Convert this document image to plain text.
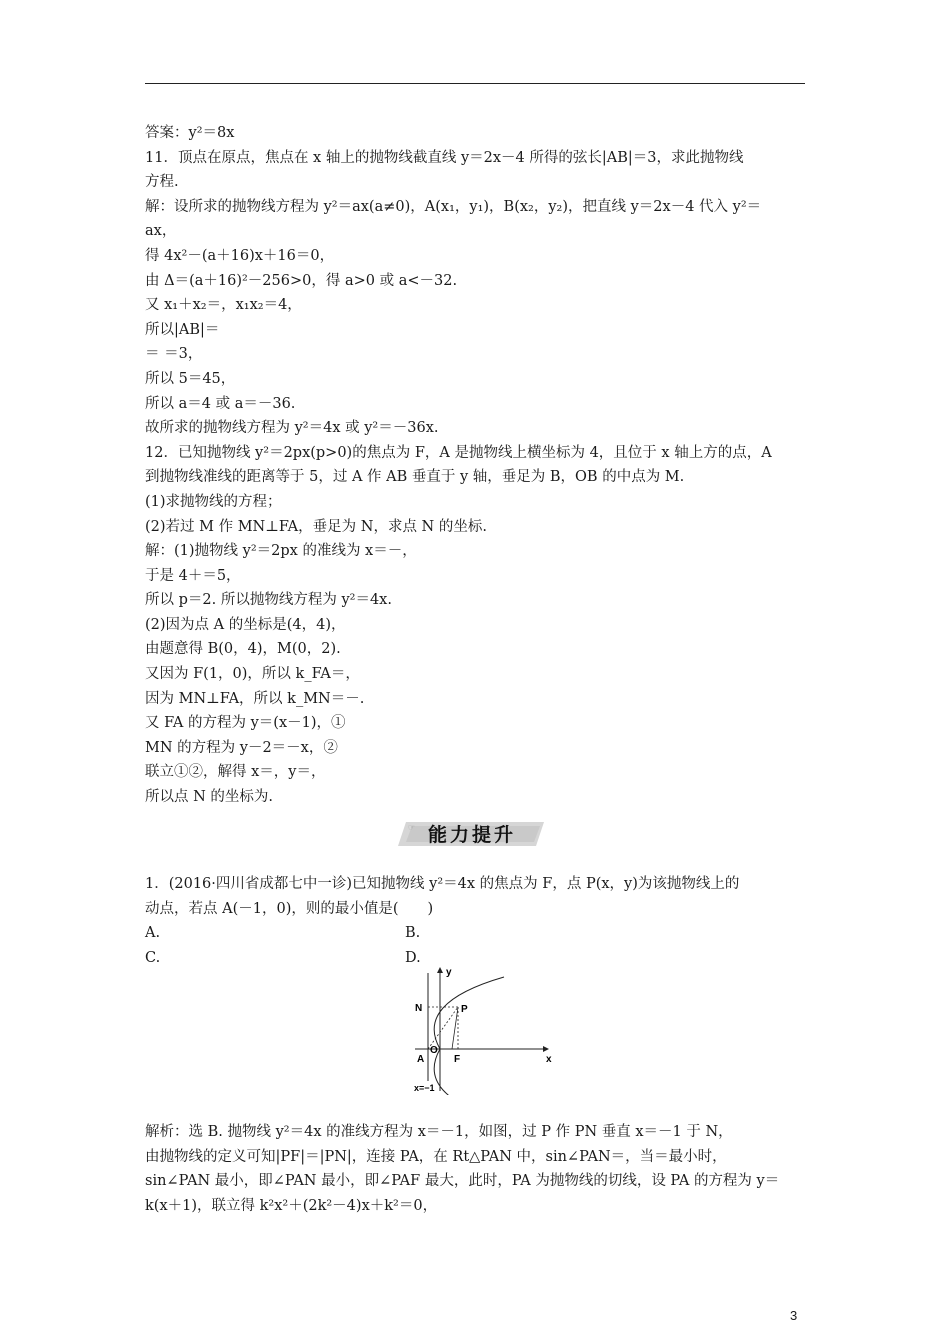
答案：y²＝8x
11．顶点在原点，焦点在 x 轴上的抛物线截直线 y＝2x－4 所得的弦长|AB|＝3，求此抛物线
方程.
解：设所求的抛物线方程为 y²＝ax(a≠0)，A(x₁，y₁)，B(x₂，y₂)，把直线 y＝2x－4 代入 y²＝
ax，
得 4x²－(a＋16)x＋16＝0，
由 Δ＝(a＋16)²－256>0，得 a>0 或 a<－32.
又 x₁＋x₂＝，x₁x₂＝4，
所以|AB|＝
＝ ＝3，
所以 5＝45，
所以 a＝4 或 a＝－36.
故所求的抛物线方程为 y²＝4x 或 y²＝－36x.
12．已知抛物线 y²＝2px(p>0)的焦点为 F，A 是抛物线上横坐标为 4，且位于 x 轴上方的点，A
到抛物线准线的距离等于 5，过 A 作 AB 垂直于 y 轴，垂足为 B，OB 的中点为 M.
(1)求抛物线的方程；
(2)若过 M 作 MN⊥FA，垂足为 N，求点 N 的坐标.
解：(1)抛物线 y²＝2px 的准线为 x＝－，
于是 4＋＝5，
所以 p＝2. 所以抛物线方程为 y²＝4x.
(2)因为点 A 的坐标是(4，4)，
由题意得 B(0，4)，M(0，2).
又因为 F(1，0)，所以 k_FA＝，
因为 MN⊥FA，所以 k_MN＝－.
又 FA 的方程为 y＝(x－1)，①
MN 的方程为 y－2＝－x，②
联立①②，解得 x＝，y＝，
所以点 N 的坐标为.
☞ 能力提升
1．(2016·四川省成都七中一诊)已知抛物线 y²＝4x 的焦点为 F，点 P(x，y)为该抛物线上的
动点，若点 A(－1，0)，则的最小值是(　　)
A.	B.
C.	D.
y
x
N	P
A
O
F
x=−1
解析：选 B. 抛物线 y²＝4x 的准线方程为 x＝－1，如图，过 P 作 PN 垂直 x＝－1 于 N，
由抛物线的定义可知|PF|＝|PN|，连接 PA，在 Rt△PAN 中，sin∠PAN＝，当＝最小时，
sin∠PAN 最小，即∠PAN 最小，即∠PAF 最大，此时，PA 为抛物线的切线，设 PA 的方程为 y＝
k(x＋1)，联立得 k²x²＋(2k²－4)x＋k²＝0，
3
